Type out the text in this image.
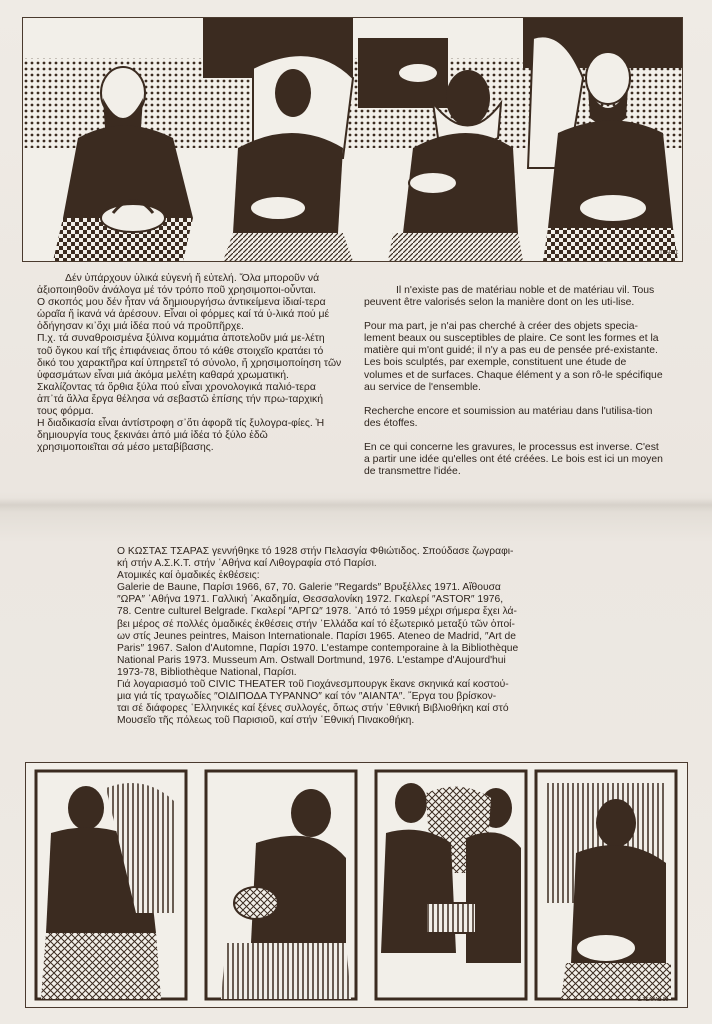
Σ.ΤΣΑΡΑΣ

Δέν ὑπάρχουν ὑλικά εὐγενή ἤ εὐτελή. Ὅλα μποροῦν νά ἀξιοποιηθοῦν ἀνάλογα μέ τόν τρόπο ποῦ χρησιμοποι-οὖνται.

Ο σκοπός μου δέν ἦταν νά δημιουργήσω ἀντικείμενα ἰδιαί-τερα ὡραῖα ἤ ἱκανά νά ἀρέσουν. Εἶναι οἱ φόρμες καί τά ὑ-λικά πού μέ ὁδήγησαν κι᾽ὄχι μιά ἰδέα πού νά προῦπῆρχε.

Π.χ. τά συναθροισμένα ξύλινα κομμάτια ἀποτελοῦν μιά με-λέτη τοῦ ὄγκου καί τῆς ἐπιφάνειας ὅπου τό κάθε στοιχεῖο κρατάει τό δικό του χαρακτῆρα καί ὑπηρετεῖ τό σύνολο, ἤ χρησιμοποίηση τῶν ὑφασμάτων εἶναι μιά ἀκόμα μελέτη καθαρά χρωματική.

Σκαλίζοντας τά ὄρθια ξύλα πού εἶναι χρονολογικά παλιό-τερα ἀπ᾽τά ἄλλα ἔργα θέλησα νά σεβαστῶ ἐπίσης τήν πρω-ταρχική τους φόρμα.

Η διαδικασία εἶναι ἀντίστροφη σ᾽ὅτι ἀφορᾶ τίς ξυλογρα-φίες. Ἡ δημιουργία τους ξεκινάει ἀπό μιά ἰδέα τό ξύλο ἐδῶ χρησιμοποιεῖται σά μέσο μεταβίβασης.

Il n'existe pas de matériau noble et de matériau vil. Tous peuvent être valorisés selon la manière dont on les uti-lise.

Pour ma part, je n'ai pas cherché à créer des objets specia-lement beaux ou susceptibles de plaire. Ce sont les formes et la matière qui m'ont guidé; il n'y a pas eu de pensée pré-existante. Les bois sculptés, par exemple, constituent une étude de volumes et de surfaces. Chaque élément y a son rô-le spécifique au service de l'ensemble.

Recherche encore et soumission au matériau dans l'utilisa-tion des étoffes.

En ce qui concerne les gravures, le processus est inverse. C'est a partir une idée qu'elles ont été créées. Le bois est ici un moyen de transmettre l'idée.

Ο ΚΩΣΤΑΣ ΤΣΑΡΑΣ γεννήθηκε τό 1928 στήν Πελασγία Φθιώτιδος. Σπούδασε ζωγραφι-

κή στήν Α.Σ.Κ.Τ. στήν ᾽Αθήνα καί Λιθογραφία στό Παρίσι.

Ατομικές καί ὁμαδικές ἐκθέσεις:

Galerie de Baune, Παρίσι 1966, 67, 70. Galerie ″Regards″ Βρυξέλλες 1971. Αἴθουσα

″ΩΡΑ″ ᾽Αθήνα 1971. Γαλλική ᾽Ακαδημία, Θεσσαλονίκη 1972. Γκαλερί ″ASTOR″ 1976,

78. Centre culturel Belgrade. Γκαλερί ″ΑΡΓΩ″ 1978. ᾽Από τό 1959 μέχρι σήμερα ἔχει λά-

βει μέρος σέ πολλές ὁμαδικές ἐκθέσεις στήν ῾Ελλάδα καί τό ἐξωτερικό μεταξύ τῶν ὁποί-

ων στίς Jeunes peintres, Maison Internationale. Παρίσι 1965. Ateneo de Madrid, ″Art de

Paris″ 1967. Salon d'Automne, Παρίσι 1970. L'estampe contemporaine à la Bibliothèque

National Paris 1973. Musseum Am. Ostwall Dortmund, 1976. L'estampe d'Aujourd'hui

1973-78, Bibliothèque National, Παρίσι.

Γιά λογαριασμό τοῦ CIVIC THEATER τοῦ Γιοχάνεσμπουργκ ἔκανε σκηνικά καί κοστού-

μια γιά τίς τραγωδίες ″ΟΙΔΙΠΟΔΑ ΤΥΡΑΝΝΟ″ καί τόν ″ΑΙΑΝΤΑ″. ῎Εργα του βρίσκον-

ται σέ διάφορες ῾Ελληνικές καί ξένες συλλογές, ὅπως στήν ῾Εθνική Βιβλιοθήκη καί στό

Μουσεῖο τῆς πόλεως τοῦ Παρισιοῦ, καί στήν ῾Εθνική Πινακοθήκη.

Σ.ΤΣΑΡΑΣ 86
